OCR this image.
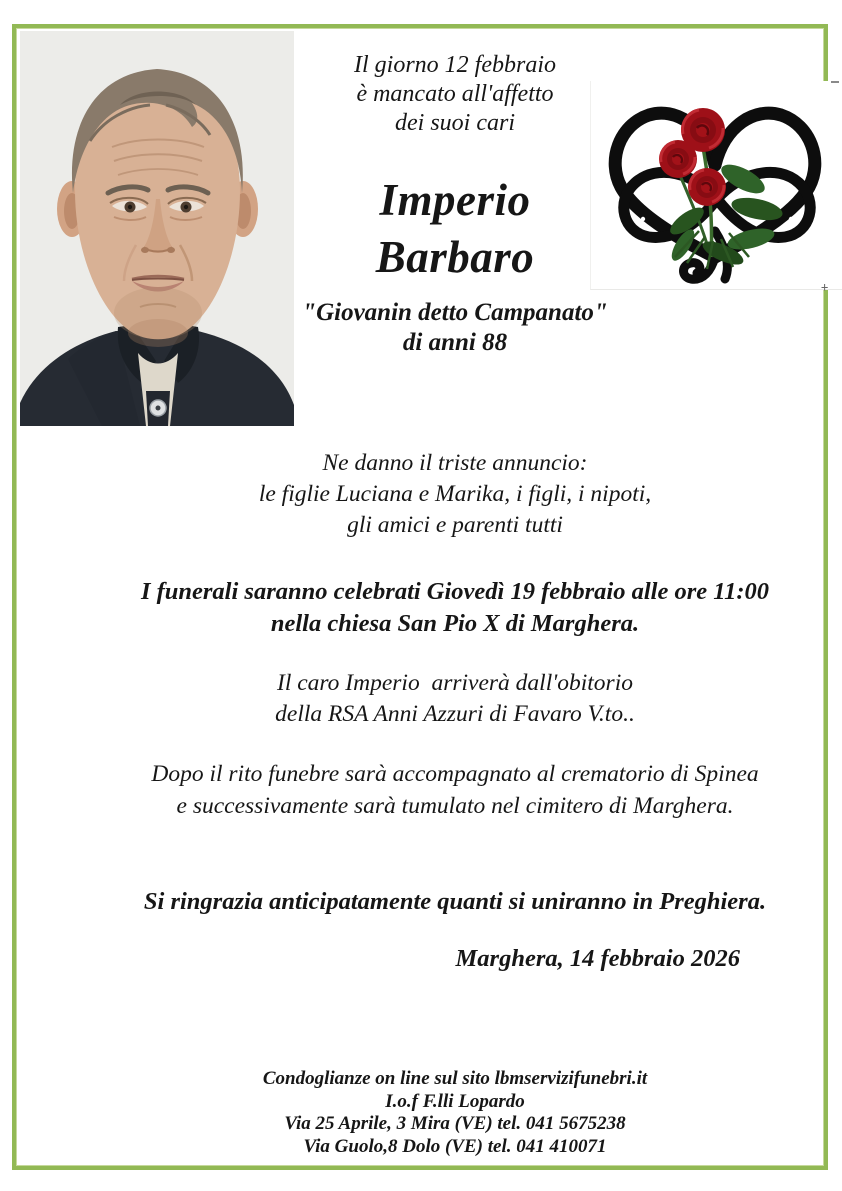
+
Il giorno 12 febbraio
è mancato all'affetto
dei suoi cari
Imperio
Barbaro
"Giovanin detto Campanato"
di anni 88
Ne danno il triste annuncio:
le figlie Luciana e Marika, i figli, i nipoti,
gli amici e parenti tutti
I funerali saranno celebrati Giovedì 19 febbraio alle ore 11:00
nella chiesa San Pio X di Marghera.
Il caro Imperio  arriverà dall'obitorio
della RSA Anni Azzuri di Favaro V.to..
Dopo il rito funebre sarà accompagnato al crematorio di Spinea
e successivamente sarà tumulato nel cimitero di Marghera.
Si ringrazia anticipatamente quanti si uniranno in Preghiera.
Marghera, 14 febbraio 2026
Condoglianze on line sul sito lbmservizifunebri.it
I.o.f F.lli Lopardo
Via 25 Aprile, 3 Mira (VE) tel. 041 5675238
Via Guolo,8 Dolo (VE) tel. 041 410071
